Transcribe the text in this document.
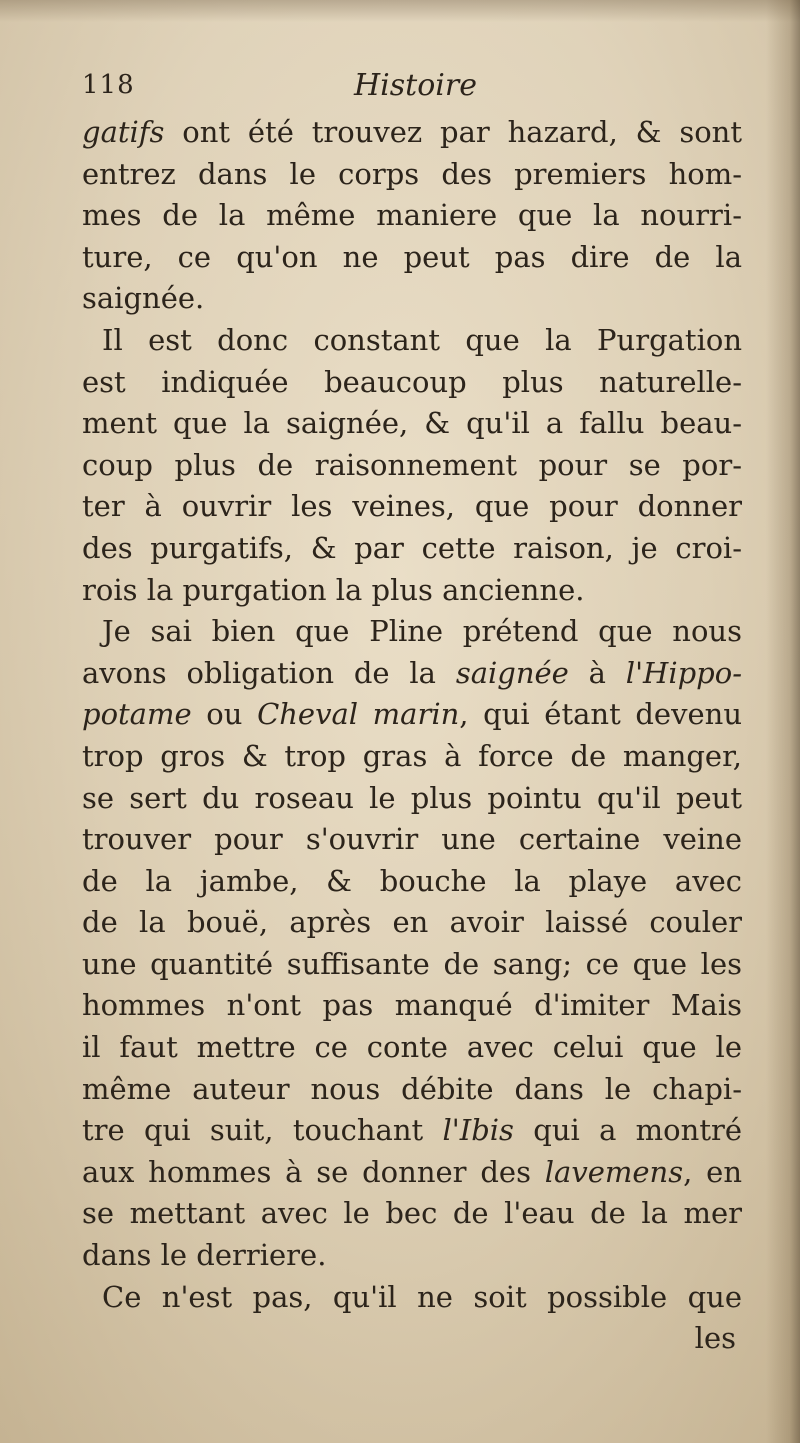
118	Histoire
gatifs ont été trouvez par hazard, & sont
entrez dans le corps des premiers hom-
mes de la même maniere que la nourri-
ture, ce qu'on ne peut pas dire de la
saignée.
Il est donc constant que la Purgation
est indiquée beaucoup plus naturelle-
ment que la saignée, & qu'il a fallu beau-
coup plus de raisonnement pour se por-
ter à ouvrir les veines, que pour donner
des purgatifs, & par cette raison, je croi-
rois la purgation la plus ancienne.
Je sai bien que Pline prétend que nous
avons obligation de la saignée à l'Hippo-
potame ou Cheval marin, qui étant devenu
trop gros & trop gras à force de manger,
se sert du roseau le plus pointu qu'il peut
trouver pour s'ouvrir une certaine veine
de la jambe, & bouche la playe avec
de la bouë, après en avoir laissé couler
une quantité suffisante de sang; ce que les
hommes n'ont pas manqué d'imiter Mais
il faut mettre ce conte avec celui que le
même auteur nous débite dans le chapi-
tre qui suit, touchant l'Ibis qui a montré
aux hommes à se donner des lavemens, en
se mettant avec le bec de l'eau de la mer
dans le derriere.
Ce n'est pas, qu'il ne soit possible que
les
